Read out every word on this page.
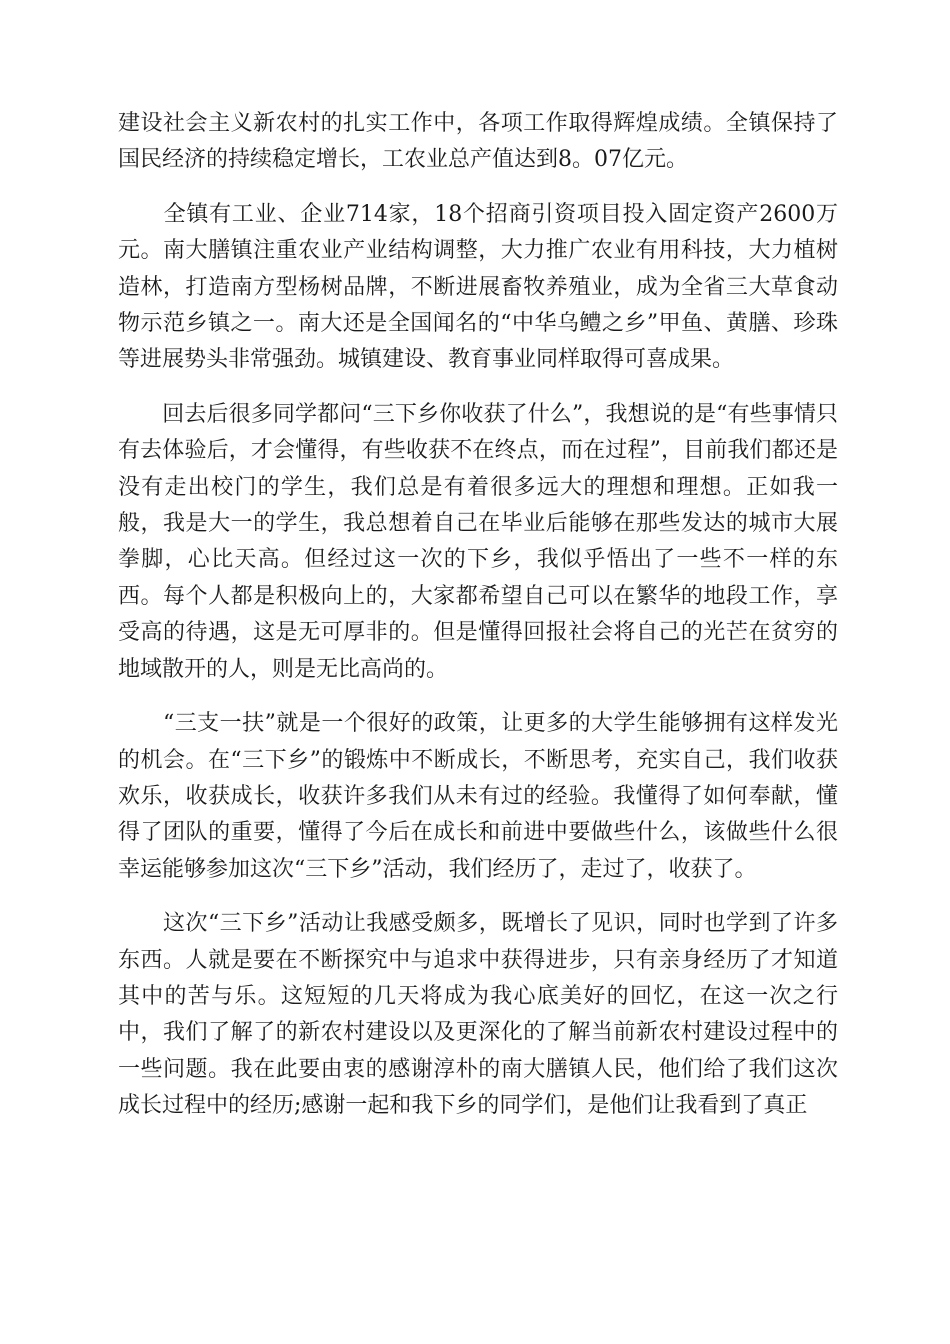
建设社会主义新农村的扎实工作中，各项工作取得辉煌成绩。全镇保持了国民经济的持续稳定增长，工农业总产值达到8。07亿元。

　　全镇有工业、企业714家，18个招商引资项目投入固定资产2600万元。南大膳镇注重农业产业结构调整，大力推广农业有用科技，大力植树造林，打造南方型杨树品牌，不断进展畜牧养殖业，成为全省三大草食动物示范乡镇之一。南大还是全国闻名的“中华乌鳢之乡”甲鱼、黄膳、珍珠等进展势头非常强劲。城镇建设、教育事业同样取得可喜成果。

　　回去后很多同学都问“三下乡你收获了什么”，我想说的是“有些事情只有去体验后，才会懂得，有些收获不在终点，而在过程”，目前我们都还是没有走出校门的学生，我们总是有着很多远大的理想和理想。正如我一般，我是大一的学生，我总想着自己在毕业后能够在那些发达的城市大展拳脚，心比天高。但经过这一次的下乡，我似乎悟出了一些不一样的东西。每个人都是积极向上的，大家都希望自己可以在繁华的地段工作，享受高的待遇，这是无可厚非的。但是懂得回报社会将自己的光芒在贫穷的地域散开的人，则是无比高尚的。

　　“三支一扶”就是一个很好的政策，让更多的大学生能够拥有这样发光的机会。在“三下乡”的锻炼中不断成长，不断思考，充实自己，我们收获欢乐，收获成长，收获许多我们从未有过的经验。我懂得了如何奉献，懂得了团队的重要，懂得了今后在成长和前进中要做些什么，该做些什么很幸运能够参加这次“三下乡”活动，我们经历了，走过了，收获了。

　　这次“三下乡”活动让我感受颇多，既增长了见识，同时也学到了许多东西。人就是要在不断探究中与追求中获得进步，只有亲身经历了才知道其中的苦与乐。这短短的几天将成为我心底美好的回忆，在这一次之行中，我们了解了的新农村建设以及更深化的了解当前新农村建设过程中的一些问题。我在此要由衷的感谢淳朴的南大膳镇人民，他们给了我们这次成长过程中的经历;感谢一起和我下乡的同学们，是他们让我看到了真正
